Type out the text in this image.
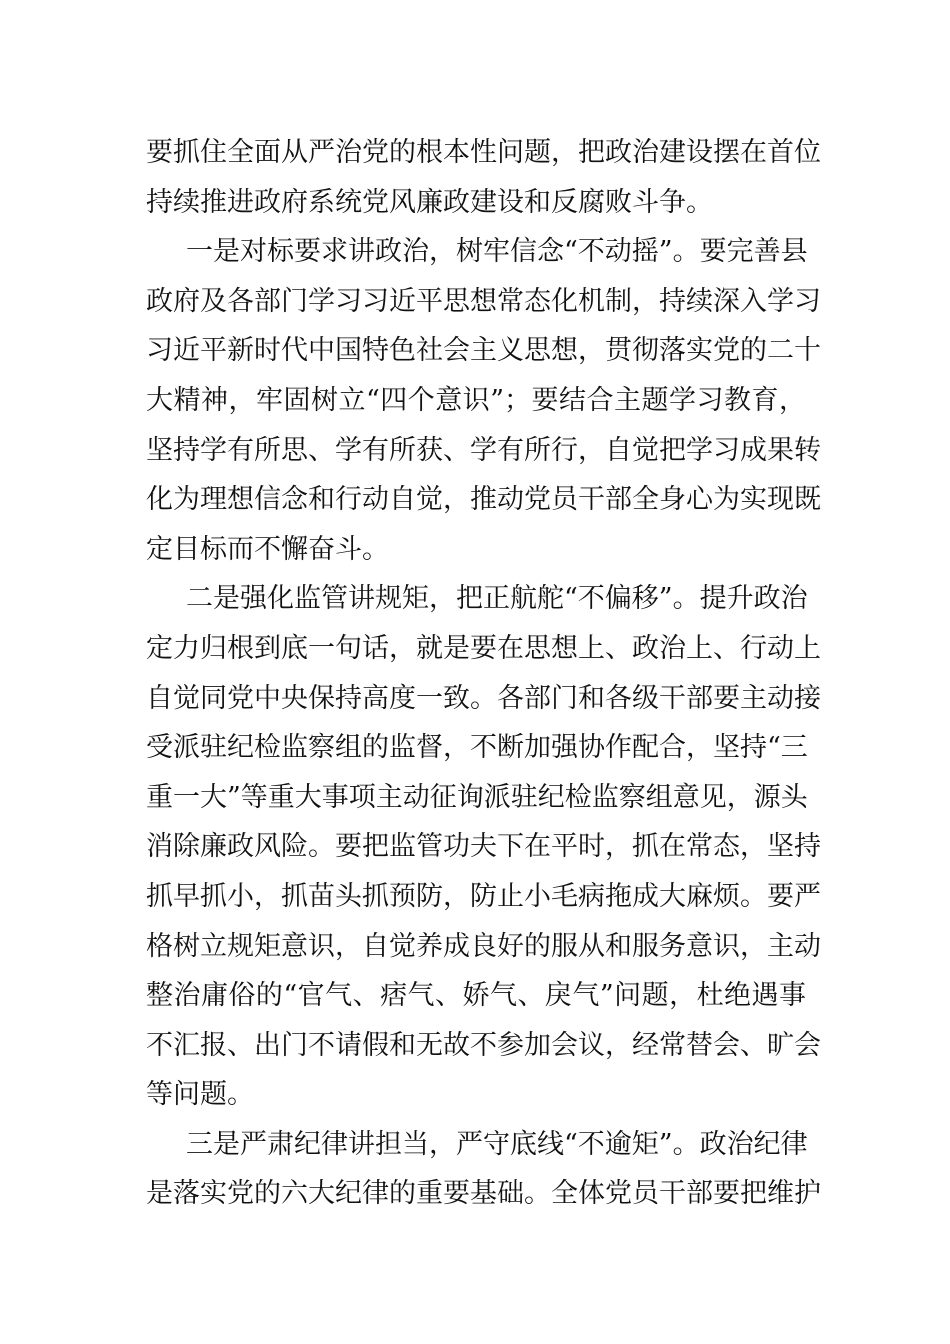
要抓住全面从严治党的根本性问题，把政治建设摆在首位
持续推进政府系统党风廉政建设和反腐败斗争。
一是对标要求讲政治，树牢信念“不动摇”。要完善县
政府及各部门学习习近平思想常态化机制，持续深入学习
习近平新时代中国特色社会主义思想，贯彻落实党的二十
大精神，牢固树立“四个意识”；要结合主题学习教育，
坚持学有所思、学有所获、学有所行，自觉把学习成果转
化为理想信念和行动自觉，推动党员干部全身心为实现既
定目标而不懈奋斗。
二是强化监管讲规矩，把正航舵“不偏移”。提升政治
定力归根到底一句话，就是要在思想上、政治上、行动上
自觉同党中央保持高度一致。各部门和各级干部要主动接
受派驻纪检监察组的监督，不断加强协作配合，坚持“三
重一大”等重大事项主动征询派驻纪检监察组意见，源头
消除廉政风险。要把监管功夫下在平时，抓在常态，坚持
抓早抓小，抓苗头抓预防，防止小毛病拖成大麻烦。要严
格树立规矩意识，自觉养成良好的服从和服务意识，主动
整治庸俗的“官气、痞气、娇气、戾气”问题，杜绝遇事
不汇报、出门不请假和无故不参加会议，经常替会、旷会
等问题。
三是严肃纪律讲担当，严守底线“不逾矩”。政治纪律
是落实党的六大纪律的重要基础。全体党员干部要把维护
